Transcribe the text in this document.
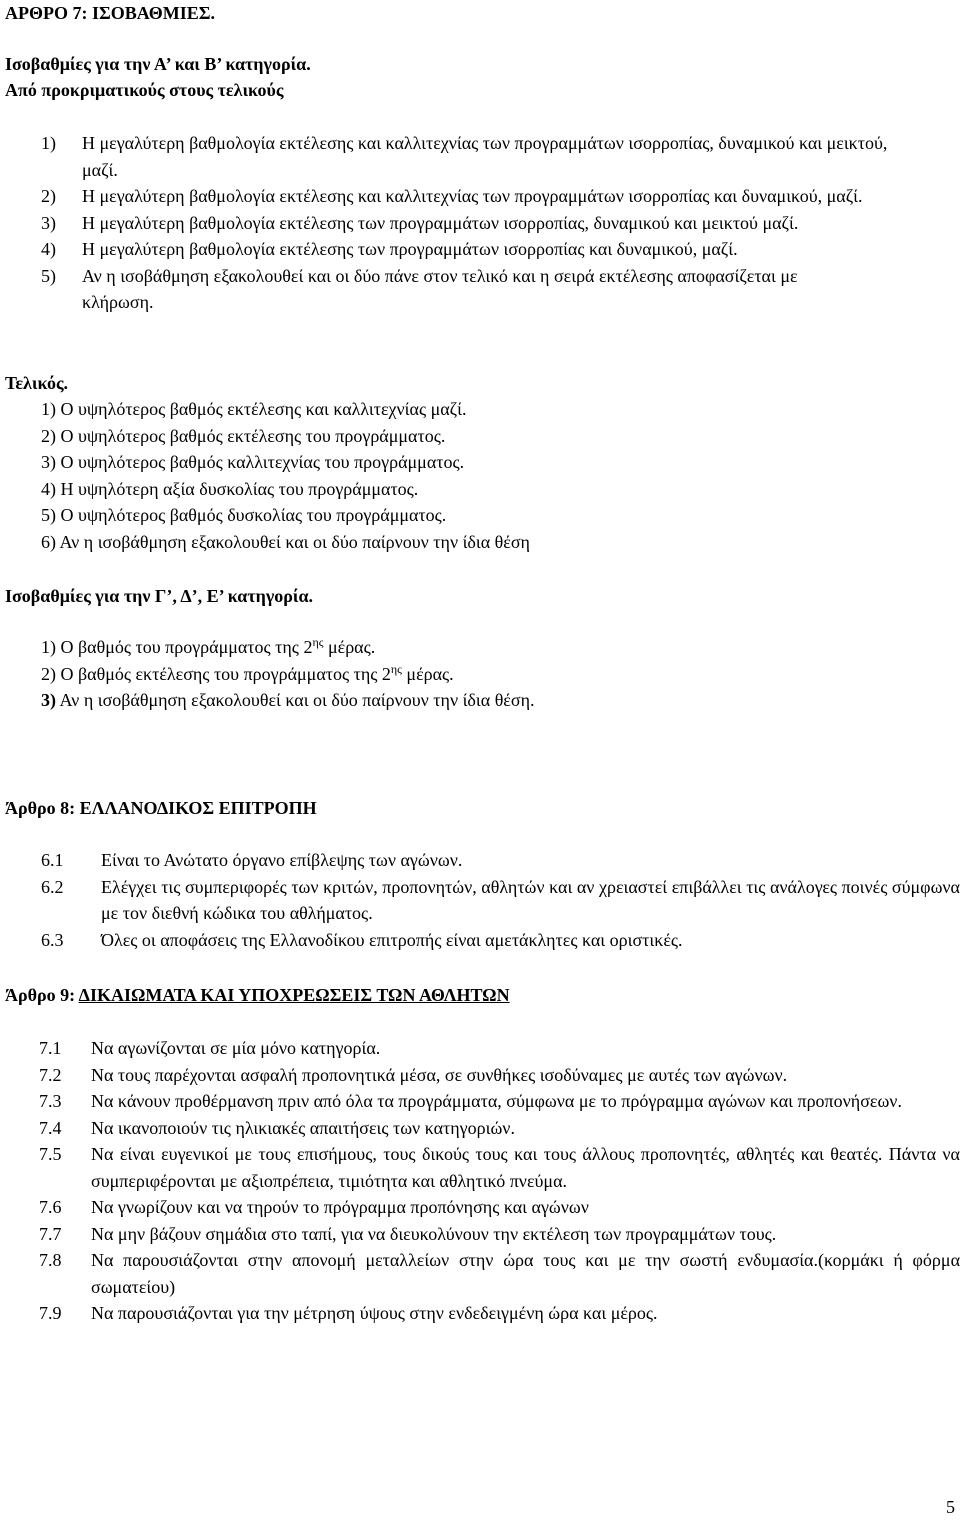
ΑΡΘΡΟ 7: ΙΣΟΒΑΘΜΙΕΣ.
Ισοβαθμίες για την Α’ και Β’ κατηγορία.
Από προκριματικούς στους τελικούς
1) Η μεγαλύτερη βαθμολογία εκτέλεσης και καλλιτεχνίας των προγραμμάτων ισορροπίας, δυναμικού και μεικτού, μαζί.
2) Η μεγαλύτερη βαθμολογία εκτέλεσης και καλλιτεχνίας των προγραμμάτων ισορροπίας και δυναμικού, μαζί.
3) Η μεγαλύτερη βαθμολογία εκτέλεσης των προγραμμάτων ισορροπίας, δυναμικού και μεικτού μαζί.
4) Η μεγαλύτερη βαθμολογία εκτέλεσης των προγραμμάτων ισορροπίας και δυναμικού, μαζί.
5) Αν η ισοβάθμηση εξακολουθεί και οι δύο πάνε στον τελικό και η σειρά εκτέλεσης αποφασίζεται με κλήρωση.
Τελικός.
1) Ο υψηλότερος βαθμός εκτέλεσης και καλλιτεχνίας μαζί.
2) Ο υψηλότερος βαθμός εκτέλεσης του προγράμματος.
3) Ο υψηλότερος βαθμός καλλιτεχνίας του προγράμματος.
4) Η υψηλότερη αξία δυσκολίας του προγράμματος.
5) Ο υψηλότερος βαθμός δυσκολίας του προγράμματος.
6) Αν η ισοβάθμηση εξακολουθεί και οι δύο παίρνουν την ίδια θέση
Ισοβαθμίες για την Γ’, Δ’, Ε’ κατηγορία.
1) Ο βαθμός του προγράμματος της $2^{\eta\varsigma}$ μέρας.
2) Ο βαθμός εκτέλεσης του προγράμματος της $2^{\eta\varsigma}$ μέρας.
3) Αν η ισοβάθμηση εξακολουθεί και οι δύο παίρνουν την ίδια θέση.
Άρθρο 8: ΕΛΛΑΝΟΔΙΚΟΣ ΕΠΙΤΡΟΠΗ
6.1 Είναι το Ανώτατο όργανο επίβλεψης των αγώνων.
6.2 Ελέγχει τις συμπεριφορές των κριτών, προπονητών, αθλητών και αν χρειαστεί επιβάλλει τις ανάλογες ποινές σύμφωνα με τον διεθνή κώδικα του αθλήματος.
6.3 Όλες οι αποφάσεις της Ελλανοδίκου επιτροπής είναι αμετάκλητες και οριστικές.
Άρθρο 9: ΔΙΚΑΙΩΜΑΤΑ ΚΑΙ ΥΠΟΧΡΕΩΣΕΙΣ ΤΩΝ ΑΘΛΗΤΩΝ
7.1 Να αγωνίζονται σε μία μόνο κατηγορία.
7.2 Να τους παρέχονται ασφαλή προπονητικά μέσα, σε συνθήκες ισοδύναμες με αυτές των αγώνων.
7.3 Να κάνουν προθέρμανση πριν από όλα τα προγράμματα, σύμφωνα με το πρόγραμμα αγώνων και προπονήσεων.
7.4 Να ικανοποιούν τις ηλικιακές απαιτήσεις των κατηγοριών.
7.5 Να είναι ευγενικοί με τους επισήμους, τους δικούς τους και τους άλλους προπονητές, αθλητές και θεατές. Πάντα να συμπεριφέρονται με αξιοπρέπεια, τιμιότητα και αθλητικό πνεύμα.
7.6 Να γνωρίζουν και να τηρούν το πρόγραμμα προπόνησης και αγώνων
7.7 Να μην βάζουν σημάδια στο ταπί, για να διευκολύνουν την εκτέλεση των προγραμμάτων τους.
7.8 Να παρουσιάζονται στην απονομή μεταλλείων στην ώρα τους και με την σωστή ενδυμασία.(κορμάκι ή φόρμα σωματείου)
7.9 Να παρουσιάζονται για την μέτρηση ύψους στην ενδεδειγμένη ώρα και μέρος.
5
